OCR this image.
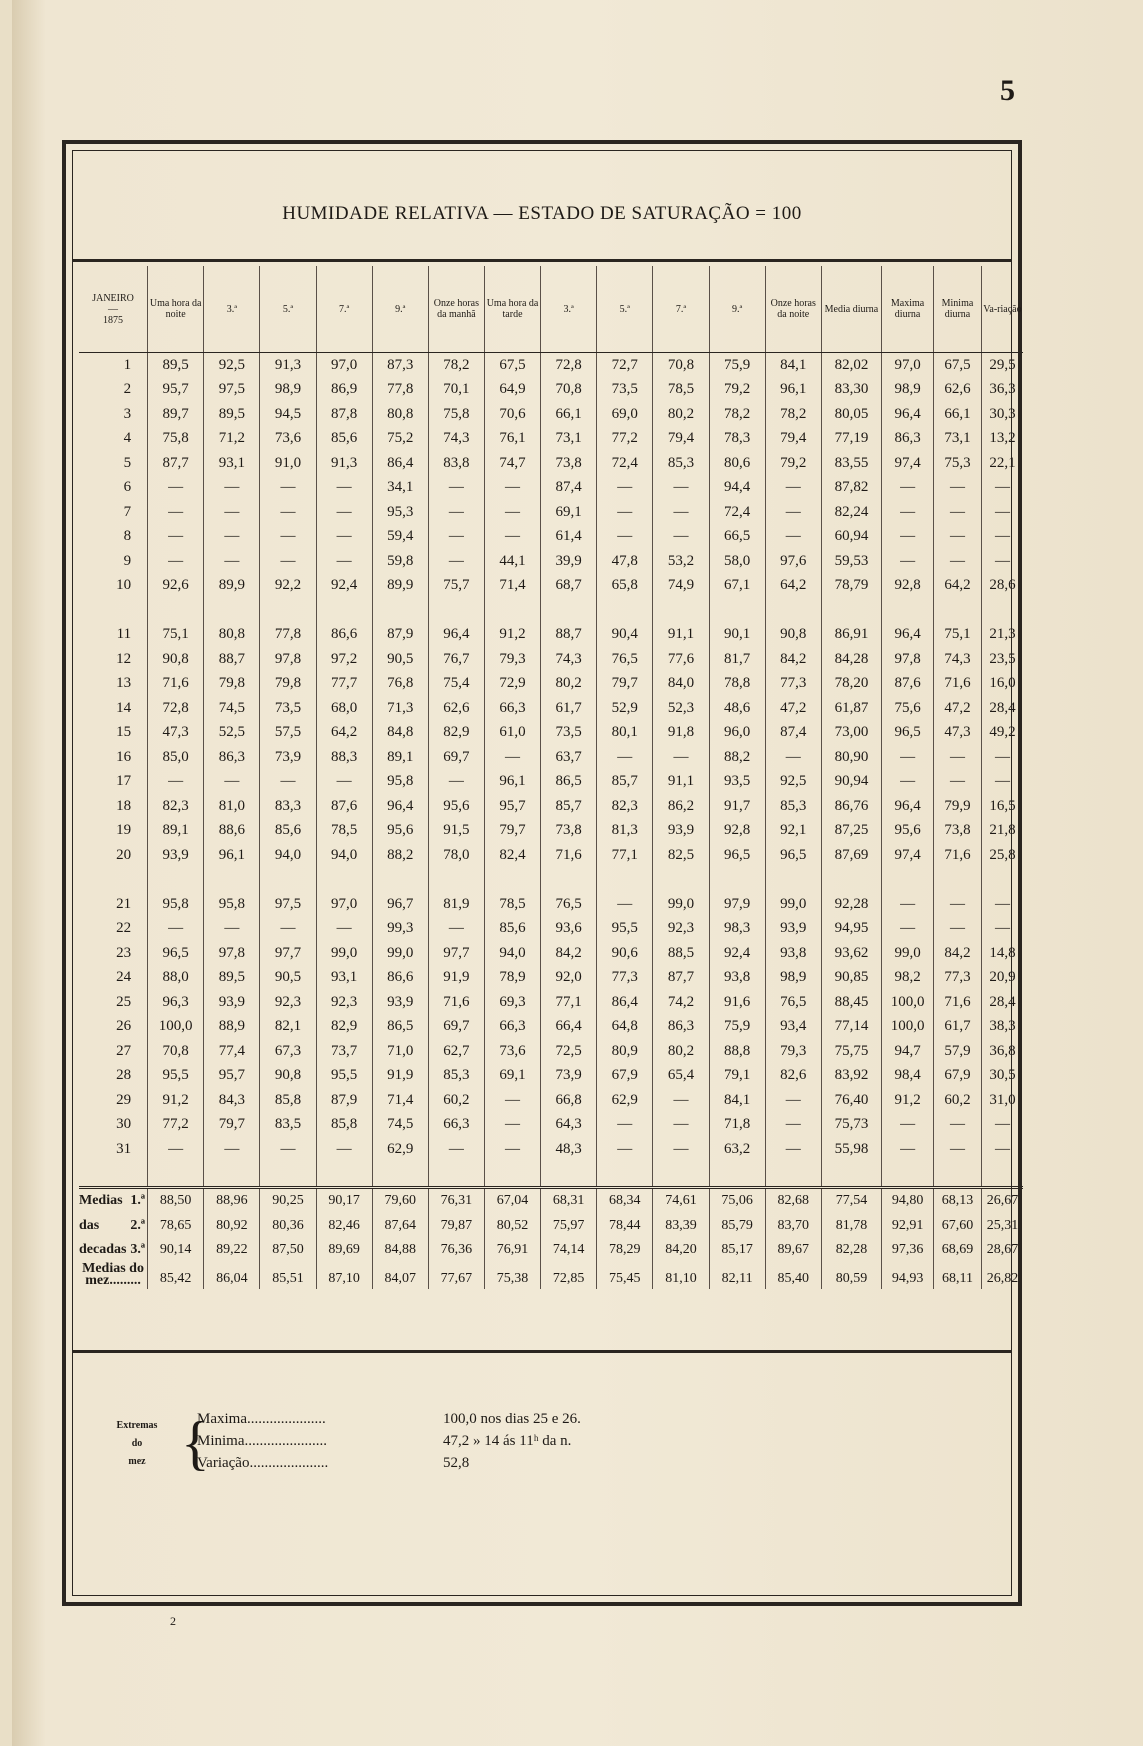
5
HUMIDADE RELATIVA — ESTADO DE SATURAÇÃO = 100
JANEIRO
—
1875	Uma hora da noite	3.ª	5.ª	7.ª	9.ª	Onze horas da manhã	Uma hora da tarde	3.ª	5.ª	7.ª	9.ª	Onze horas da noite	Media diurna	Maxima diurna	Minima diurna	Va-riação
1	89,5	92,5	91,3	97,0	87,3	78,2	67,5	72,8	72,7	70,8	75,9	84,1	82,02	97,0	67,5	29,5
2	95,7	97,5	98,9	86,9	77,8	70,1	64,9	70,8	73,5	78,5	79,2	96,1	83,30	98,9	62,6	36,3
3	89,7	89,5	94,5	87,8	80,8	75,8	70,6	66,1	69,0	80,2	78,2	78,2	80,05	96,4	66,1	30,3
4	75,8	71,2	73,6	85,6	75,2	74,3	76,1	73,1	77,2	79,4	78,3	79,4	77,19	86,3	73,1	13,2
5	87,7	93,1	91,0	91,3	86,4	83,8	74,7	73,8	72,4	85,3	80,6	79,2	83,55	97,4	75,3	22,1
6	—	—	—	—	34,1	—	—	87,4	—	—	94,4	—	87,82	—	—	—
7	—	—	—	—	95,3	—	—	69,1	—	—	72,4	—	82,24	—	—	—
8	—	—	—	—	59,4	—	—	61,4	—	—	66,5	—	60,94	—	—	—
9	—	—	—	—	59,8	—	44,1	39,9	47,8	53,2	58,0	97,6	59,53	—	—	—
10	92,6	89,9	92,2	92,4	89,9	75,7	71,4	68,7	65,8	74,9	67,1	64,2	78,79	92,8	64,2	28,6

11	75,1	80,8	77,8	86,6	87,9	96,4	91,2	88,7	90,4	91,1	90,1	90,8	86,91	96,4	75,1	21,3
12	90,8	88,7	97,8	97,2	90,5	76,7	79,3	74,3	76,5	77,6	81,7	84,2	84,28	97,8	74,3	23,5
13	71,6	79,8	79,8	77,7	76,8	75,4	72,9	80,2	79,7	84,0	78,8	77,3	78,20	87,6	71,6	16,0
14	72,8	74,5	73,5	68,0	71,3	62,6	66,3	61,7	52,9	52,3	48,6	47,2	61,87	75,6	47,2	28,4
15	47,3	52,5	57,5	64,2	84,8	82,9	61,0	73,5	80,1	91,8	96,0	87,4	73,00	96,5	47,3	49,2
16	85,0	86,3	73,9	88,3	89,1	69,7	—	63,7	—	—	88,2	—	80,90	—	—	—
17	—	—	—	—	95,8	—	96,1	86,5	85,7	91,1	93,5	92,5	90,94	—	—	—
18	82,3	81,0	83,3	87,6	96,4	95,6	95,7	85,7	82,3	86,2	91,7	85,3	86,76	96,4	79,9	16,5
19	89,1	88,6	85,6	78,5	95,6	91,5	79,7	73,8	81,3	93,9	92,8	92,1	87,25	95,6	73,8	21,8
20	93,9	96,1	94,0	94,0	88,2	78,0	82,4	71,6	77,1	82,5	96,5	96,5	87,69	97,4	71,6	25,8

21	95,8	95,8	97,5	97,0	96,7	81,9	78,5	76,5	—	99,0	97,9	99,0	92,28	—	—	—
22	—	—	—	—	99,3	—	85,6	93,6	95,5	92,3	98,3	93,9	94,95	—	—	—
23	96,5	97,8	97,7	99,0	99,0	97,7	94,0	84,2	90,6	88,5	92,4	93,8	93,62	99,0	84,2	14,8
24	88,0	89,5	90,5	93,1	86,6	91,9	78,9	92,0	77,3	87,7	93,8	98,9	90,85	98,2	77,3	20,9
25	96,3	93,9	92,3	92,3	93,9	71,6	69,3	77,1	86,4	74,2	91,6	76,5	88,45	100,0	71,6	28,4
26	100,0	88,9	82,1	82,9	86,5	69,7	66,3	66,4	64,8	86,3	75,9	93,4	77,14	100,0	61,7	38,3
27	70,8	77,4	67,3	73,7	71,0	62,7	73,6	72,5	80,9	80,2	88,8	79,3	75,75	94,7	57,9	36,8
28	95,5	95,7	90,8	95,5	91,9	85,3	69,1	73,9	67,9	65,4	79,1	82,6	83,92	98,4	67,9	30,5
29	91,2	84,3	85,8	87,9	71,4	60,2	—	66,8	62,9	—	84,1	—	76,40	91,2	60,2	31,0
30	77,2	79,7	83,5	85,8	74,5	66,3	—	64,3	—	—	71,8	—	75,73	—	—	—
31	—	—	—	—	62,9	—	—	48,3	—	—	63,2	—	55,98	—	—	—

Medias 1.ª	88,50	88,96	90,25	90,17	79,60	76,31	67,04	68,31	68,34	74,61	75,06	82,68	77,54	94,80	68,13	26,67

das 2.ª	78,65	80,92	80,36	82,46	87,64	79,87	80,52	75,97	78,44	83,39	85,79	83,70	81,78	92,91	67,60	25,31

decadas 3.ª	90,14	89,22	87,50	89,69	84,88	76,36	76,91	74,14	78,29	84,20	85,17	89,67	82,28	97,36	68,69	28,67
Medias do mez.........	85,42	86,04	85,51	87,10	84,07	77,67	75,38	72,85	75,45	81,10	82,11	85,40	80,59	94,93	68,11	26,82
Extremas
do
mez {
Maxima.....................	100,0 nos dias 25 e 26.
Minima......................	47,2 » 14 ás 11ʰ da n.
Variação.....................	52,8
2
